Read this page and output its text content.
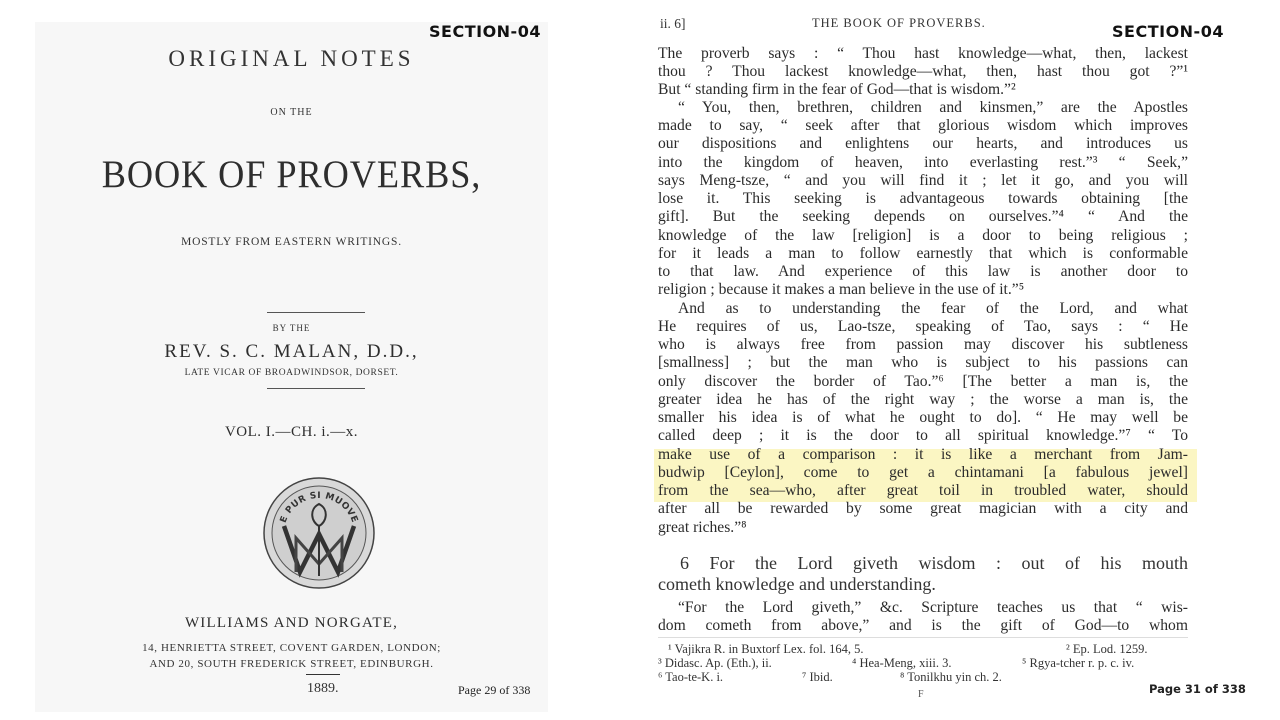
SECTION-04
ORIGINAL NOTES
ON THE
BOOK OF PROVERBS,
MOSTLY FROM EASTERN WRITINGS.
BY THE
REV. S. C. MALAN, D.D.,
LATE VICAR OF BROADWINDSOR, DORSET.
VOL. I.—CH. i.—x.
E PUR SI MUOVE
WILLIAMS AND NORGATE,
14, HENRIETTA STREET, COVENT GARDEN, LONDON;
AND 20, SOUTH FREDERICK STREET, EDINBURGH.
1889.	Page 29 of 338
ii. 6]	THE BOOK OF PROVERBS.	SECTION-04
The proverb says : “ Thou hast knowledge—what, then, lackest
thou ? Thou lackest knowledge—what, then, hast thou got ?”¹
But “ standing firm in the fear of God—that is wisdom.”²
“ You, then, brethren, children and kinsmen,” are the Apostles
made to say, “ seek after that glorious wisdom which improves
our dispositions and enlightens our hearts, and introduces us
into the kingdom of heaven, into everlasting rest.”³ “ Seek,”
says Meng-tsze, “ and you will find it ; let it go, and you will
lose it. This seeking is advantageous towards obtaining [the
gift]. But the seeking depends on ourselves.”⁴ “ And the
knowledge of the law [religion] is a door to being religious ;
for it leads a man to follow earnestly that which is conformable
to that law. And experience of this law is another door to
religion ; because it makes a man believe in the use of it.”⁵
And as to understanding the fear of the Lord, and what
He requires of us, Lao-tsze, speaking of Tao, says : “ He
who is always free from passion may discover his subtleness
[smallness] ; but the man who is subject to his passions can
only discover the border of Tao.”⁶ [The better a man is, the
greater idea he has of the right way ; the worse a man is, the
smaller his idea is of what he ought to do]. “ He may well be
called deep ; it is the door to all spiritual knowledge.”⁷ “ To
make use of a comparison : it is like a merchant from Jam-
budwip [Ceylon], come to get a chintamani [a fabulous jewel]
from the sea—who, after great toil in troubled water, should
after all be rewarded by some great magician with a city and
great riches.”⁸
6 For the Lord giveth wisdom : out of his mouth
cometh knowledge and understanding.
“For the Lord giveth,” &c. Scripture teaches us that “ wis-
dom cometh from above,” and is the gift of God—to whom
¹ Vajikra R. in Buxtorf Lex. fol. 164, 5.	² Ep. Lod. 1259.
³ Didasc. Ap. (Eth.), ii.	⁴ Hea-Meng, xiii. 3.	⁵ Rgya-tcher r. p. c. iv.
⁶ Tao-te-K. i.	⁷ Ibid.	⁸ Tonilkhu yin ch. 2.
F	Page 31 of 338
